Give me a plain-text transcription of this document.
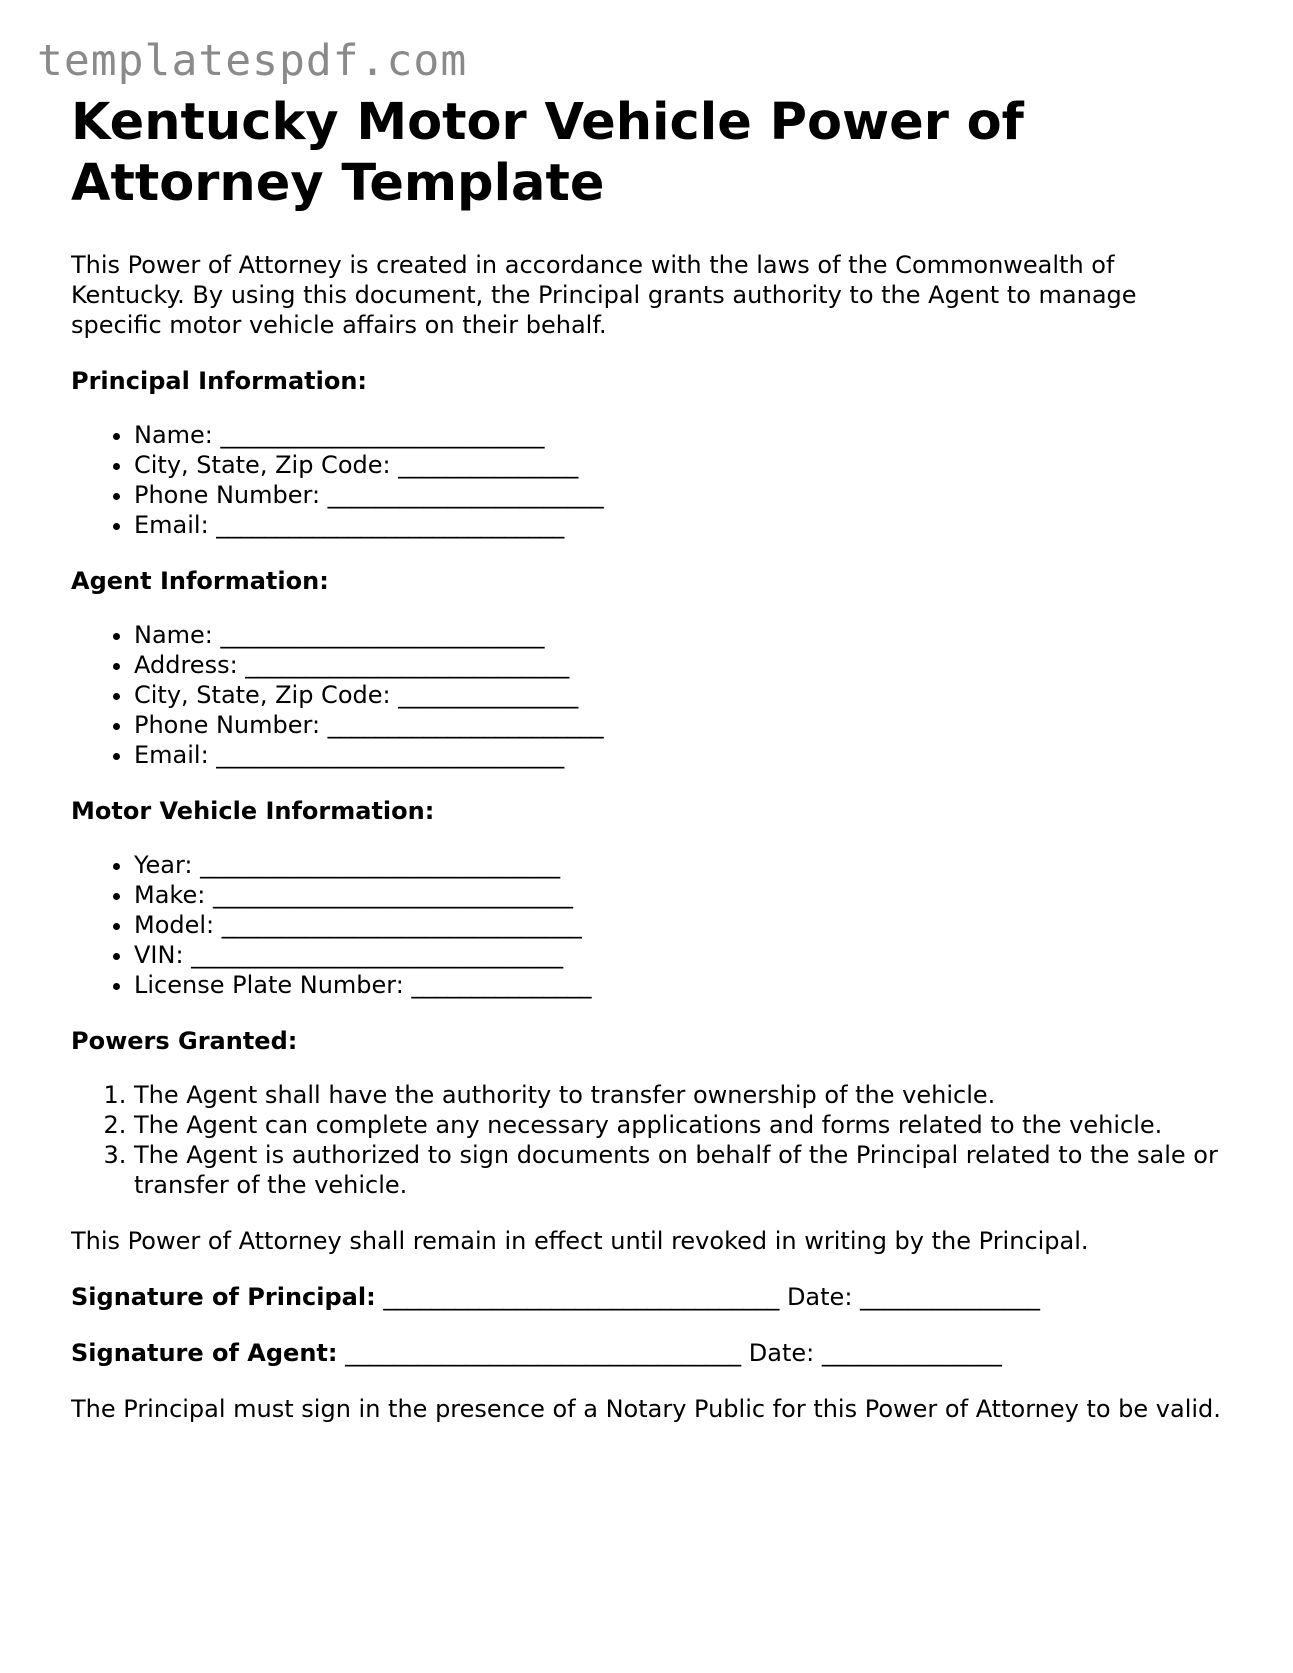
templatespdf.com
Kentucky Motor Vehicle Power of Attorney Template

This Power of Attorney is created in accordance with the laws of the Commonwealth of Kentucky. By using this document, the Principal grants authority to the Agent to manage specific motor vehicle affairs on their behalf.

Principal Information:
• Name: ___________________________
• City, State, Zip Code: _______________
• Phone Number: _______________________
• Email: _____________________________
Agent Information:
• Name: ___________________________
• Address: ___________________________
• City, State, Zip Code: _______________
• Phone Number: _______________________
• Email: _____________________________
Motor Vehicle Information:
• Year: ______________________________
• Make: ______________________________
• Model: ______________________________
• VIN: _______________________________
• License Plate Number: _______________
Powers Granted:
1. The Agent shall have the authority to transfer ownership of the vehicle.
2. The Agent can complete any necessary applications and forms related to the vehicle.
3. The Agent is authorized to sign documents on behalf of the Principal related to the sale or transfer of the vehicle.

This Power of Attorney shall remain in effect until revoked in writing by the Principal.

Signature of Principal: _________________________________ Date: _______________

Signature of Agent: _________________________________ Date: _______________

The Principal must sign in the presence of a Notary Public for this Power of Attorney to be valid.
